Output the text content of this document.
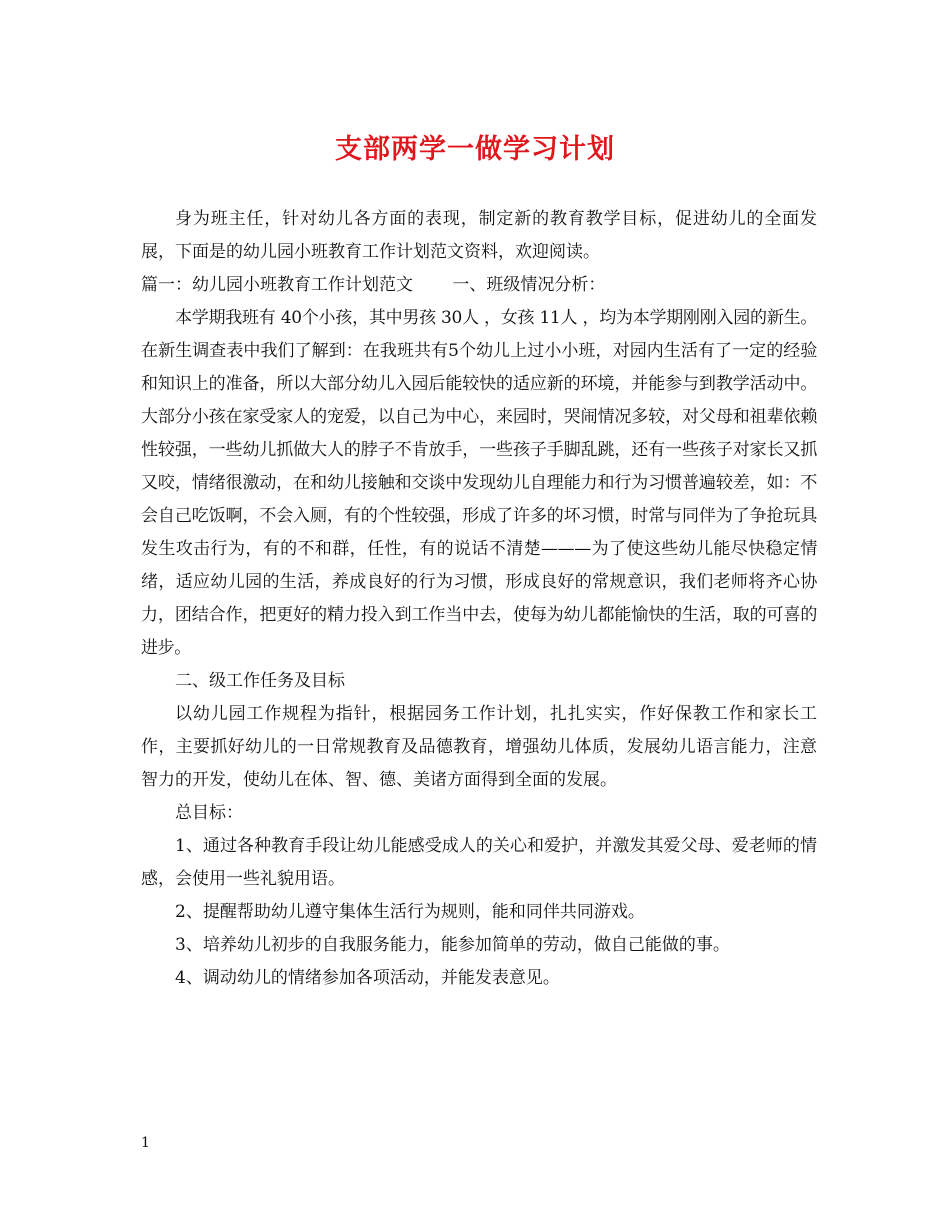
支部两学一做学习计划

身为班主任，针对幼儿各方面的表现，制定新的教育教学目标，促进幼儿的全面发展，下面是的幼儿园小班教育工作计划范文资料，欢迎阅读。

篇一：幼儿园小班教育工作计划范文　　 一、班级情况分析：

本学期我班有 40个小孩，其中男孩 30人 ，女孩 11人 ，均为本学期刚刚入园的新生。在新生调查表中我们了解到：在我班共有5个幼儿上过小小班，对园内生活有了一定的经验和知识上的准备，所以大部分幼儿入园后能较快的适应新的环境，并能参与到教学活动中。大部分小孩在家受家人的宠爱，以自己为中心，来园时，哭闹情况多较，对父母和祖辈依赖性较强，一些幼儿抓做大人的脖子不肯放手，一些孩子手脚乱跳，还有一些孩子对家长又抓又咬，情绪很激动，在和幼儿接触和交谈中发现幼儿自理能力和行为习惯普遍较差，如：不会自己吃饭啊，不会入厕，有的个性较强，形成了许多的坏习惯，时常与同伴为了争抢玩具发生攻击行为，有的不和群，任性，有的说话不清楚———为了使这些幼儿能尽快稳定情绪，适应幼儿园的生活，养成良好的行为习惯，形成良好的常规意识，我们老师将齐心协力，团结合作，把更好的精力投入到工作当中去，使每为幼儿都能愉快的生活，取的可喜的进步。

二、级工作任务及目标

以幼儿园工作规程为指针，根据园务工作计划，扎扎实实，作好保教工作和家长工作，主要抓好幼儿的一日常规教育及品德教育，增强幼儿体质，发展幼儿语言能力，注意智力的开发，使幼儿在体、智、德、美诸方面得到全面的发展。

总目标：

1、通过各种教育手段让幼儿能感受成人的关心和爱护，并激发其爱父母、爱老师的情感，会使用一些礼貌用语。

2、提醒帮助幼儿遵守集体生活行为规则，能和同伴共同游戏。

3、培养幼儿初步的自我服务能力，能参加简单的劳动，做自己能做的事。

4、调动幼儿的情绪参加各项活动，并能发表意见。

1
